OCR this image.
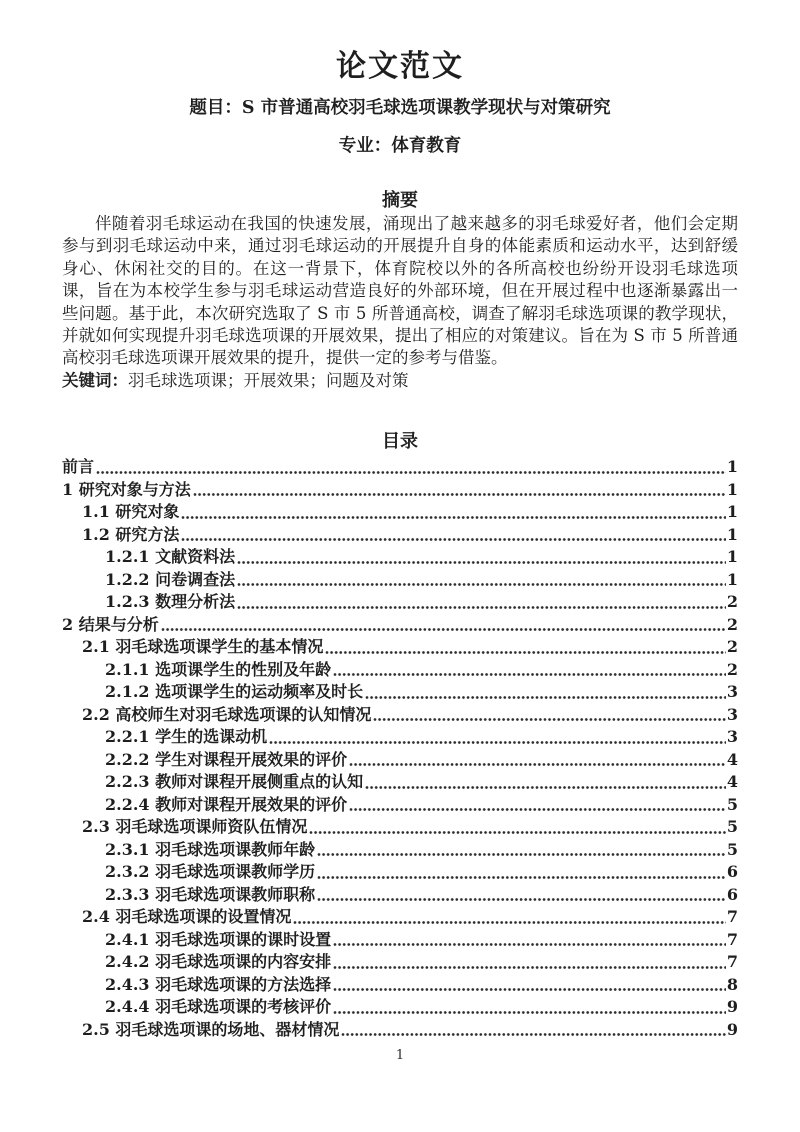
论文范文
题目：S 市普通高校羽毛球选项课教学现状与对策研究
专业：体育教育
摘要

伴随着羽毛球运动在我国的快速发展，涌现出了越来越多的羽毛球爱好者，他们会定期参与到羽毛球运动中来，通过羽毛球运动的开展提升自身的体能素质和运动水平，达到舒缓身心、休闲社交的目的。在这一背景下，体育院校以外的各所高校也纷纷开设羽毛球选项课，旨在为本校学生参与羽毛球运动营造良好的外部环境，但在开展过程中也逐渐暴露出一些问题。基于此，本次研究选取了 S 市 5 所普通高校，调查了解羽毛球选项课的教学现状，并就如何实现提升羽毛球选项课的开展效果，提出了相应的对策建议。旨在为 S 市 5 所普通高校羽毛球选项课开展效果的提升，提供一定的参考与借鉴。

关键词：羽毛球选项课；开展效果；问题及对策
目录
前言	1
1 研究对象与方法	1
1.1 研究对象	1
1.2 研究方法	1
1.2.1 文献资料法	1
1.2.2 问卷调查法	1
1.2.3 数理分析法	2
2 结果与分析	2
2.1 羽毛球选项课学生的基本情况	2
2.1.1 选项课学生的性别及年龄	2
2.1.2 选项课学生的运动频率及时长	3
2.2 高校师生对羽毛球选项课的认知情况	3
2.2.1 学生的选课动机	3
2.2.2 学生对课程开展效果的评价	4
2.2.3 教师对课程开展侧重点的认知	4
2.2.4 教师对课程开展效果的评价	5
2.3 羽毛球选项课师资队伍情况	5
2.3.1 羽毛球选项课教师年龄	5
2.3.2 羽毛球选项课教师学历	6
2.3.3 羽毛球选项课教师职称	6
2.4 羽毛球选项课的设置情况	7
2.4.1 羽毛球选项课的课时设置	7
2.4.2 羽毛球选项课的内容安排	7
2.4.3 羽毛球选项课的方法选择	8
2.4.4 羽毛球选项课的考核评价	9
2.5 羽毛球选项课的场地、器材情况	9
1
